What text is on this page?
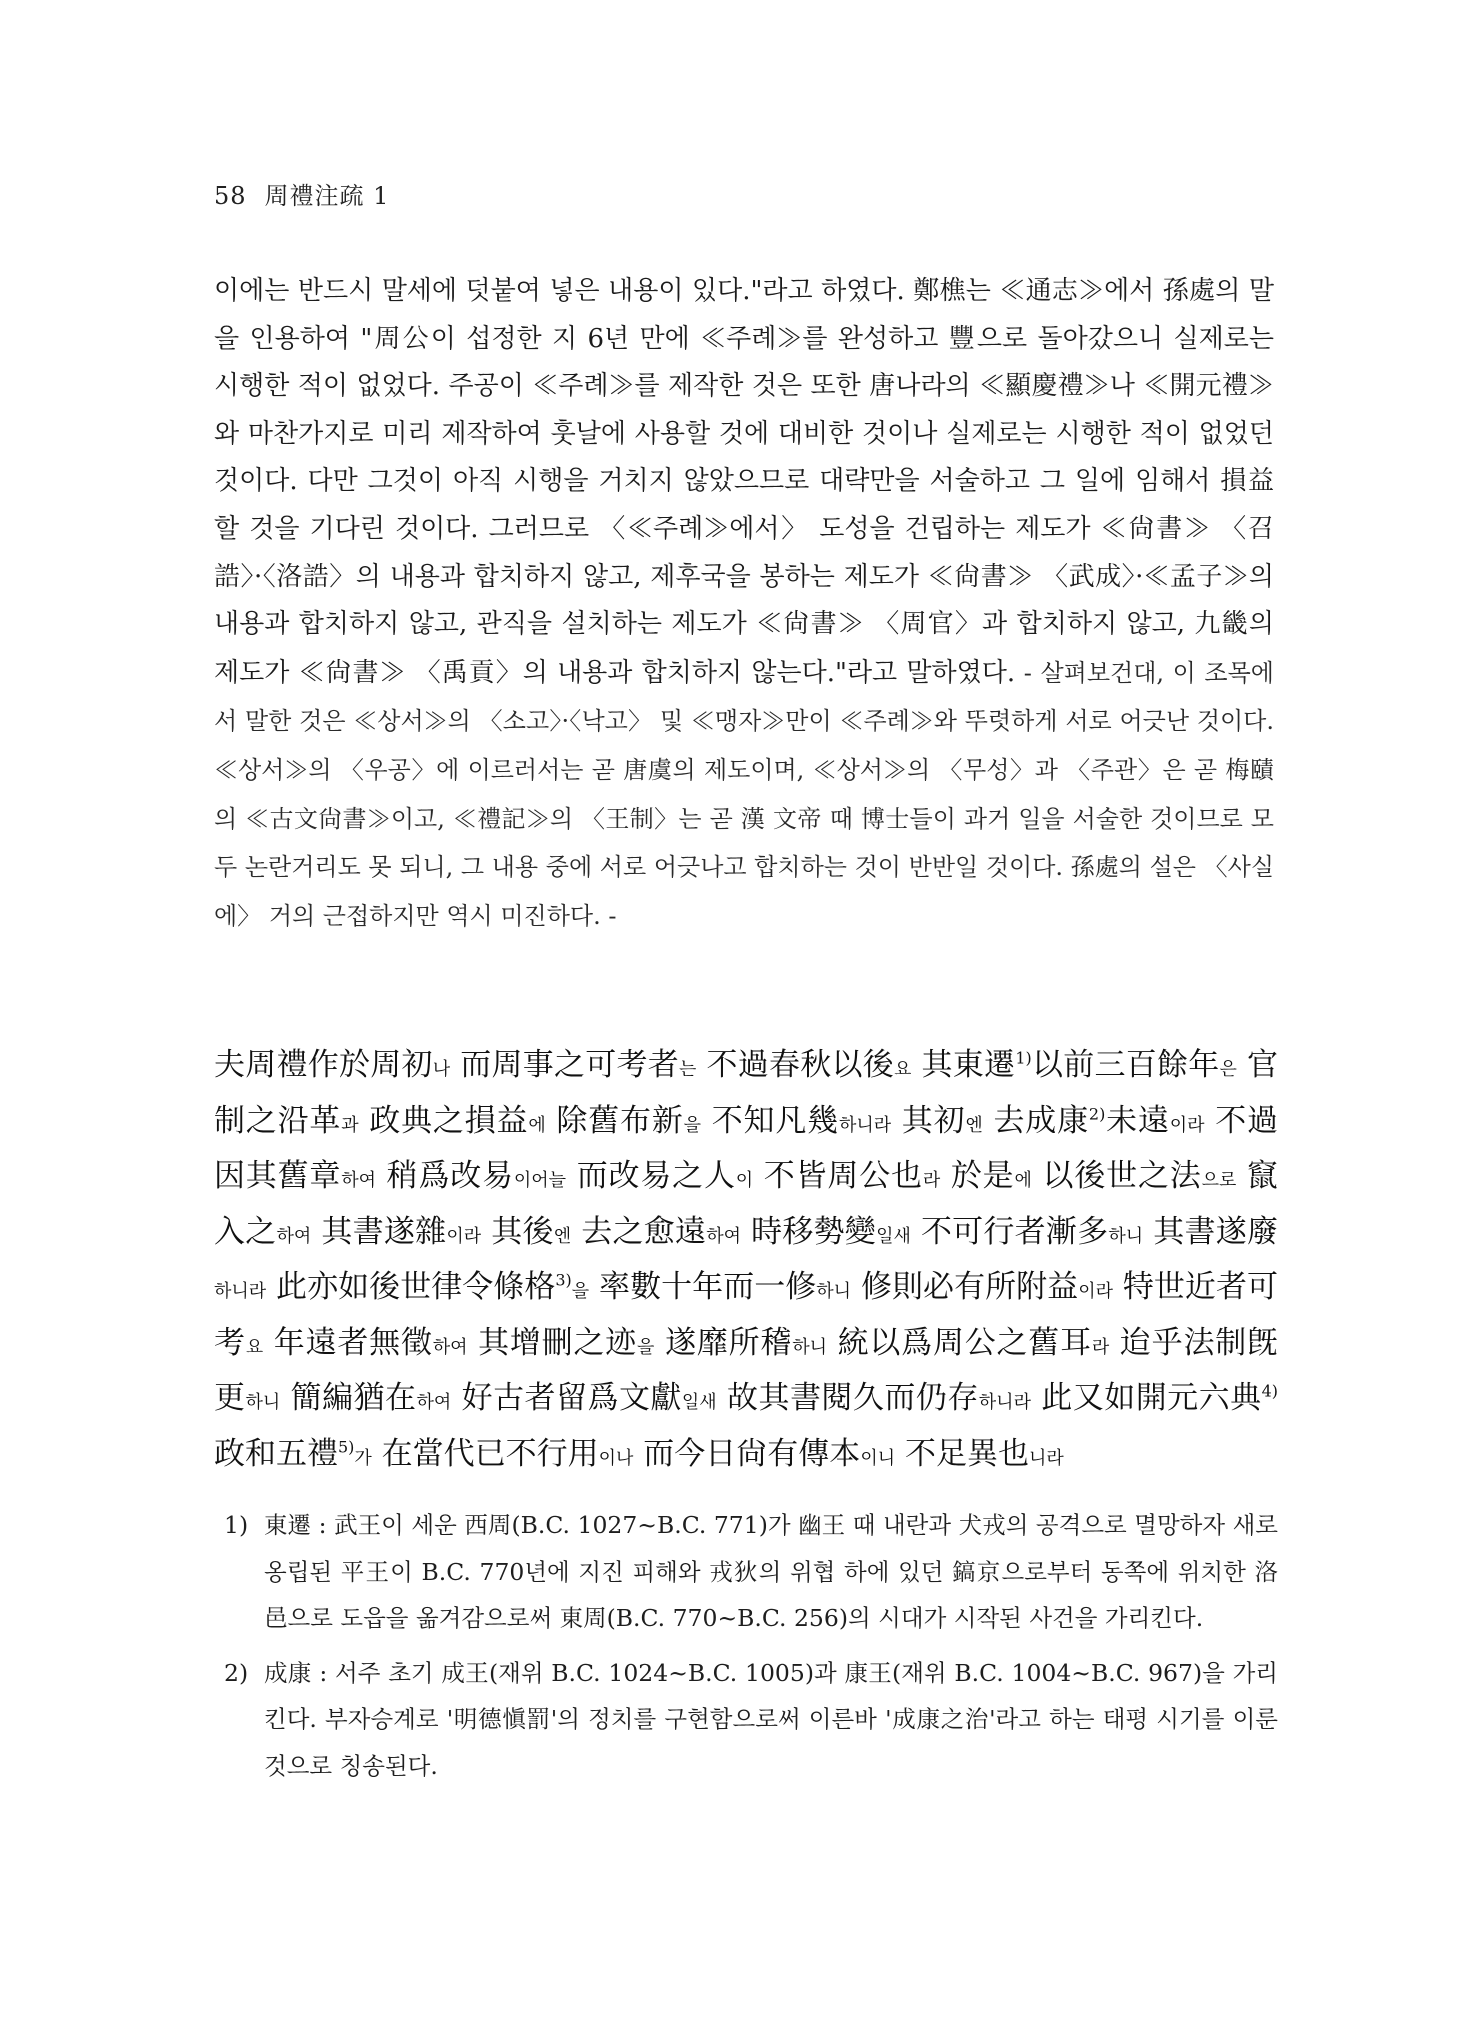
58 周禮注疏 1

이에는 반드시 말세에 덧붙여 넣은 내용이 있다."라고 하였다. 鄭樵는 ≪通志≫에서 孫處의 말을 인용하여 "周公이 섭정한 지 6년 만에 ≪주례≫를 완성하고 豐으로 돌아갔으니 실제로는 시행한 적이 없었다. 주공이 ≪주례≫를 제작한 것은 또한 唐나라의 ≪顯慶禮≫나 ≪開元禮≫와 마찬가지로 미리 제작하여 훗날에 사용할 것에 대비한 것이나 실제로는 시행한 적이 없었던 것이다. 다만 그것이 아직 시행을 거치지 않았으므로 대략만을 서술하고 그 일에 임해서 損益할 것을 기다린 것이다. 그러므로 〈≪주례≫에서〉 도성을 건립하는 제도가 ≪尙書≫ 〈召誥〉·〈洛誥〉의 내용과 합치하지 않고, 제후국을 봉하는 제도가 ≪尙書≫ 〈武成〉·≪孟子≫의 내용과 합치하지 않고, 관직을 설치하는 제도가 ≪尙書≫ 〈周官〉과 합치하지 않고, 九畿의 제도가 ≪尙書≫ 〈禹貢〉의 내용과 합치하지 않는다."라고 말하였다. - 살펴보건대, 이 조목에서 말한 것은 ≪상서≫의 〈소고〉·〈낙고〉 및 ≪맹자≫만이 ≪주례≫와 뚜렷하게 서로 어긋난 것이다. ≪상서≫의 〈우공〉에 이르러서는 곧 唐虞의 제도이며, ≪상서≫의 〈무성〉과 〈주관〉은 곧 梅賾의 ≪古文尙書≫이고, ≪禮記≫의 〈王制〉는 곧 漢 文帝 때 博士들이 과거 일을 서술한 것이므로 모두 논란거리도 못 되니, 그 내용 중에 서로 어긋나고 합치하는 것이 반반일 것이다. 孫處의 설은 〈사실에〉 거의 근접하지만 역시 미진하다. -

夫周禮作於周初나 而周事之可考者는 不過春秋以後요 其東遷$^{1)}$以前三百餘年은 官制之沿革과 政典之損益에 除舊布新을 不知凡幾하니라 其初엔 去成康$^{2)}$未遠이라 不過因其舊章하여 稍爲改易이어늘 而改易之人이 不皆周公也라 於是에 以後世之法으로 竄入之하여 其書遂雜이라 其後엔 去之愈遠하여 時移勢變일새 不可行者漸多하니 其書遂廢하니라 此亦如後世律令條格$^{3)}$을 率數十年而一修하니 修則必有所附益이라 特世近者可考요 年遠者無徵하여 其增刪之迹을 遂靡所稽하니 統以爲周公之舊耳라 迨乎法制旣更하니 簡編猶在하여 好古者留爲文獻일새 故其書閱久而仍存하니라 此又如開元六典$^{4)}$ 政和五禮$^{5)}$가 在當代已不行用이나 而今日尙有傳本이니 不足異也니라

1) 東遷 : 武王이 세운 西周(B.C. 1027~B.C. 771)가 幽王 때 내란과 犬戎의 공격으로 멸망하자 새로 옹립된 平王이 B.C. 770년에 지진 피해와 戎狄의 위협 하에 있던 鎬京으로부터 동쪽에 위치한 洛邑으로 도읍을 옮겨감으로써 東周(B.C. 770~B.C. 256)의 시대가 시작된 사건을 가리킨다.
2) 成康 : 서주 초기 成王(재위 B.C. 1024~B.C. 1005)과 康王(재위 B.C. 1004~B.C. 967)을 가리킨다. 부자승계로 '明德愼罰'의 정치를 구현함으로써 이른바 '成康之治'라고 하는 태평 시기를 이룬 것으로 칭송된다.
